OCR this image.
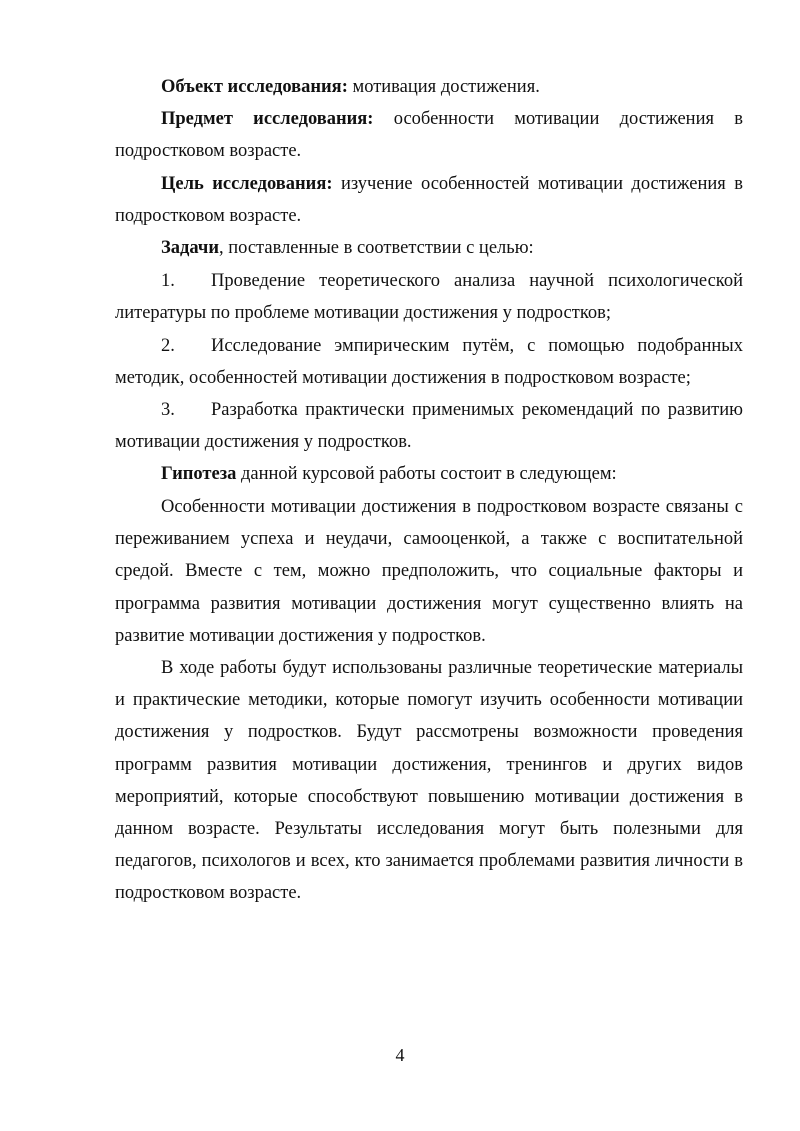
Объект исследования: мотивация достижения.

Предмет исследования: особенности мотивации достижения в подростковом возрасте.

Цель исследования: изучение особенностей мотивации достижения в подростковом возрасте.

Задачи, поставленные в соответствии с целью:

1. Проведение теоретического анализа научной психологической литературы по проблеме мотивации достижения у подростков;

2. Исследование эмпирическим путём, с помощью подобранных методик, особенностей мотивации достижения в подростковом возрасте;

3. Разработка практически применимых рекомендаций по развитию мотивации достижения у подростков.

Гипотеза данной курсовой работы состоит в следующем:

Особенности мотивации достижения в подростковом возрасте связаны с переживанием успеха и неудачи, самооценкой, а также с воспитательной средой. Вместе с тем, можно предположить, что социальные факторы и программа развития мотивации достижения могут существенно влиять на развитие мотивации достижения у подростков.

В ходе работы будут использованы различные теоретические материалы и практические методики, которые помогут изучить особенности мотивации достижения у подростков. Будут рассмотрены возможности проведения программ развития мотивации достижения, тренингов и других видов мероприятий, которые способствуют повышению мотивации достижения в данном возрасте. Результаты исследования могут быть полезными для педагогов, психологов и всех, кто занимается проблемами развития личности в подростковом возрасте.

4
